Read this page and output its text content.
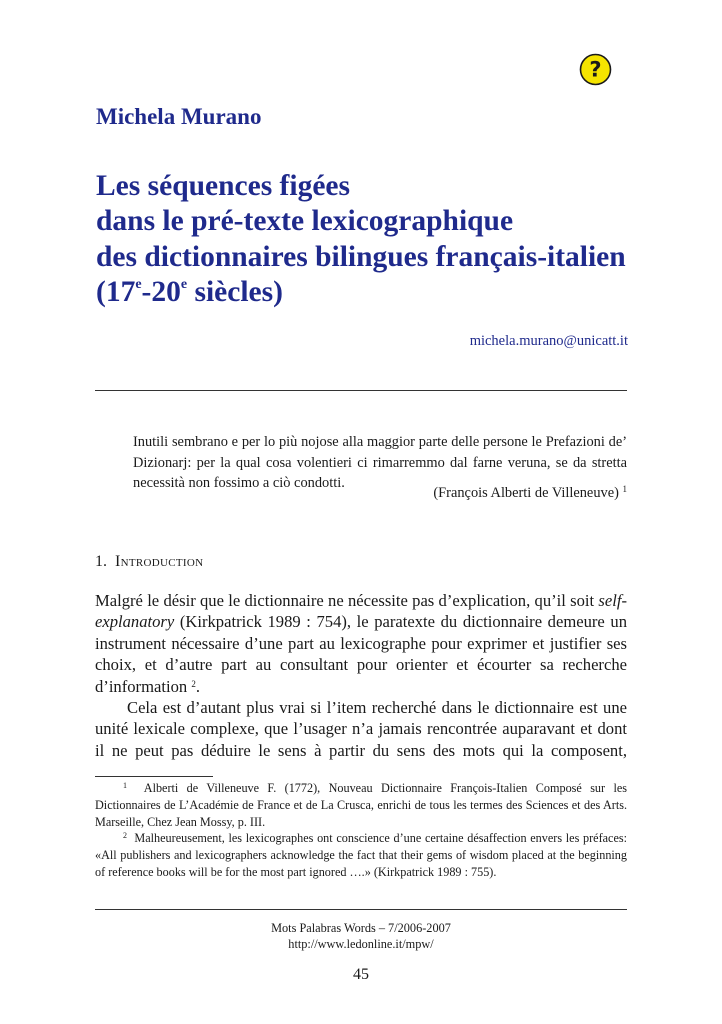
?
Michela Murano
Les séquences figées
dans le pré-texte lexicographique
des dictionnaires bilingues français-italien
(17e-20e siècles)
michela.murano@unicatt.it
Inutili sembrano e per lo più nojose alla maggior parte delle persone le Prefazioni de’ Dizionarj: per la qual cosa volentieri ci rimarremmo dal farne veruna, se da stretta necessità non fossimo a ciò condotti.
(François Alberti de Villeneuve) $^1$
1. Introduction

Malgré le désir que le dictionnaire ne nécessite pas d’explication, qu’il soit self-explanatory (Kirkpatrick 1989 : 754), le paratexte du dictionnaire demeure un instrument nécessaire d’une part au lexicographe pour exprimer et justifier ses choix, et d’autre part au consultant pour orienter et écourter sa recherche d’information $^2$.

Cela est d’autant plus vrai si l’item recherché dans le dictionnaire est une unité lexicale complexe, que l’usager n’a jamais rencontrée auparavant et dont il ne peut pas déduire le sens à partir du sens des mots qui la composent,

$^1$ Alberti de Villeneuve F. (1772), Nouveau Dictionnaire François-Italien Composé sur les Dictionnaires de L’Académie de France et de La Crusca, enrichi de tous les termes des Sciences et des Arts. Marseille, Chez Jean Mossy, p. III.

$^2$ Malheureusement, les lexicographes ont conscience d’une certaine désaffection envers les préfaces: «All publishers and lexicographers acknowledge the fact that their gems of wisdom placed at the beginning of reference books will be for the most part ignored ….» (Kirkpatrick 1989 : 755).

Mots Palabras Words – 7/2006-2007
http://www.ledonline.it/mpw/
45
